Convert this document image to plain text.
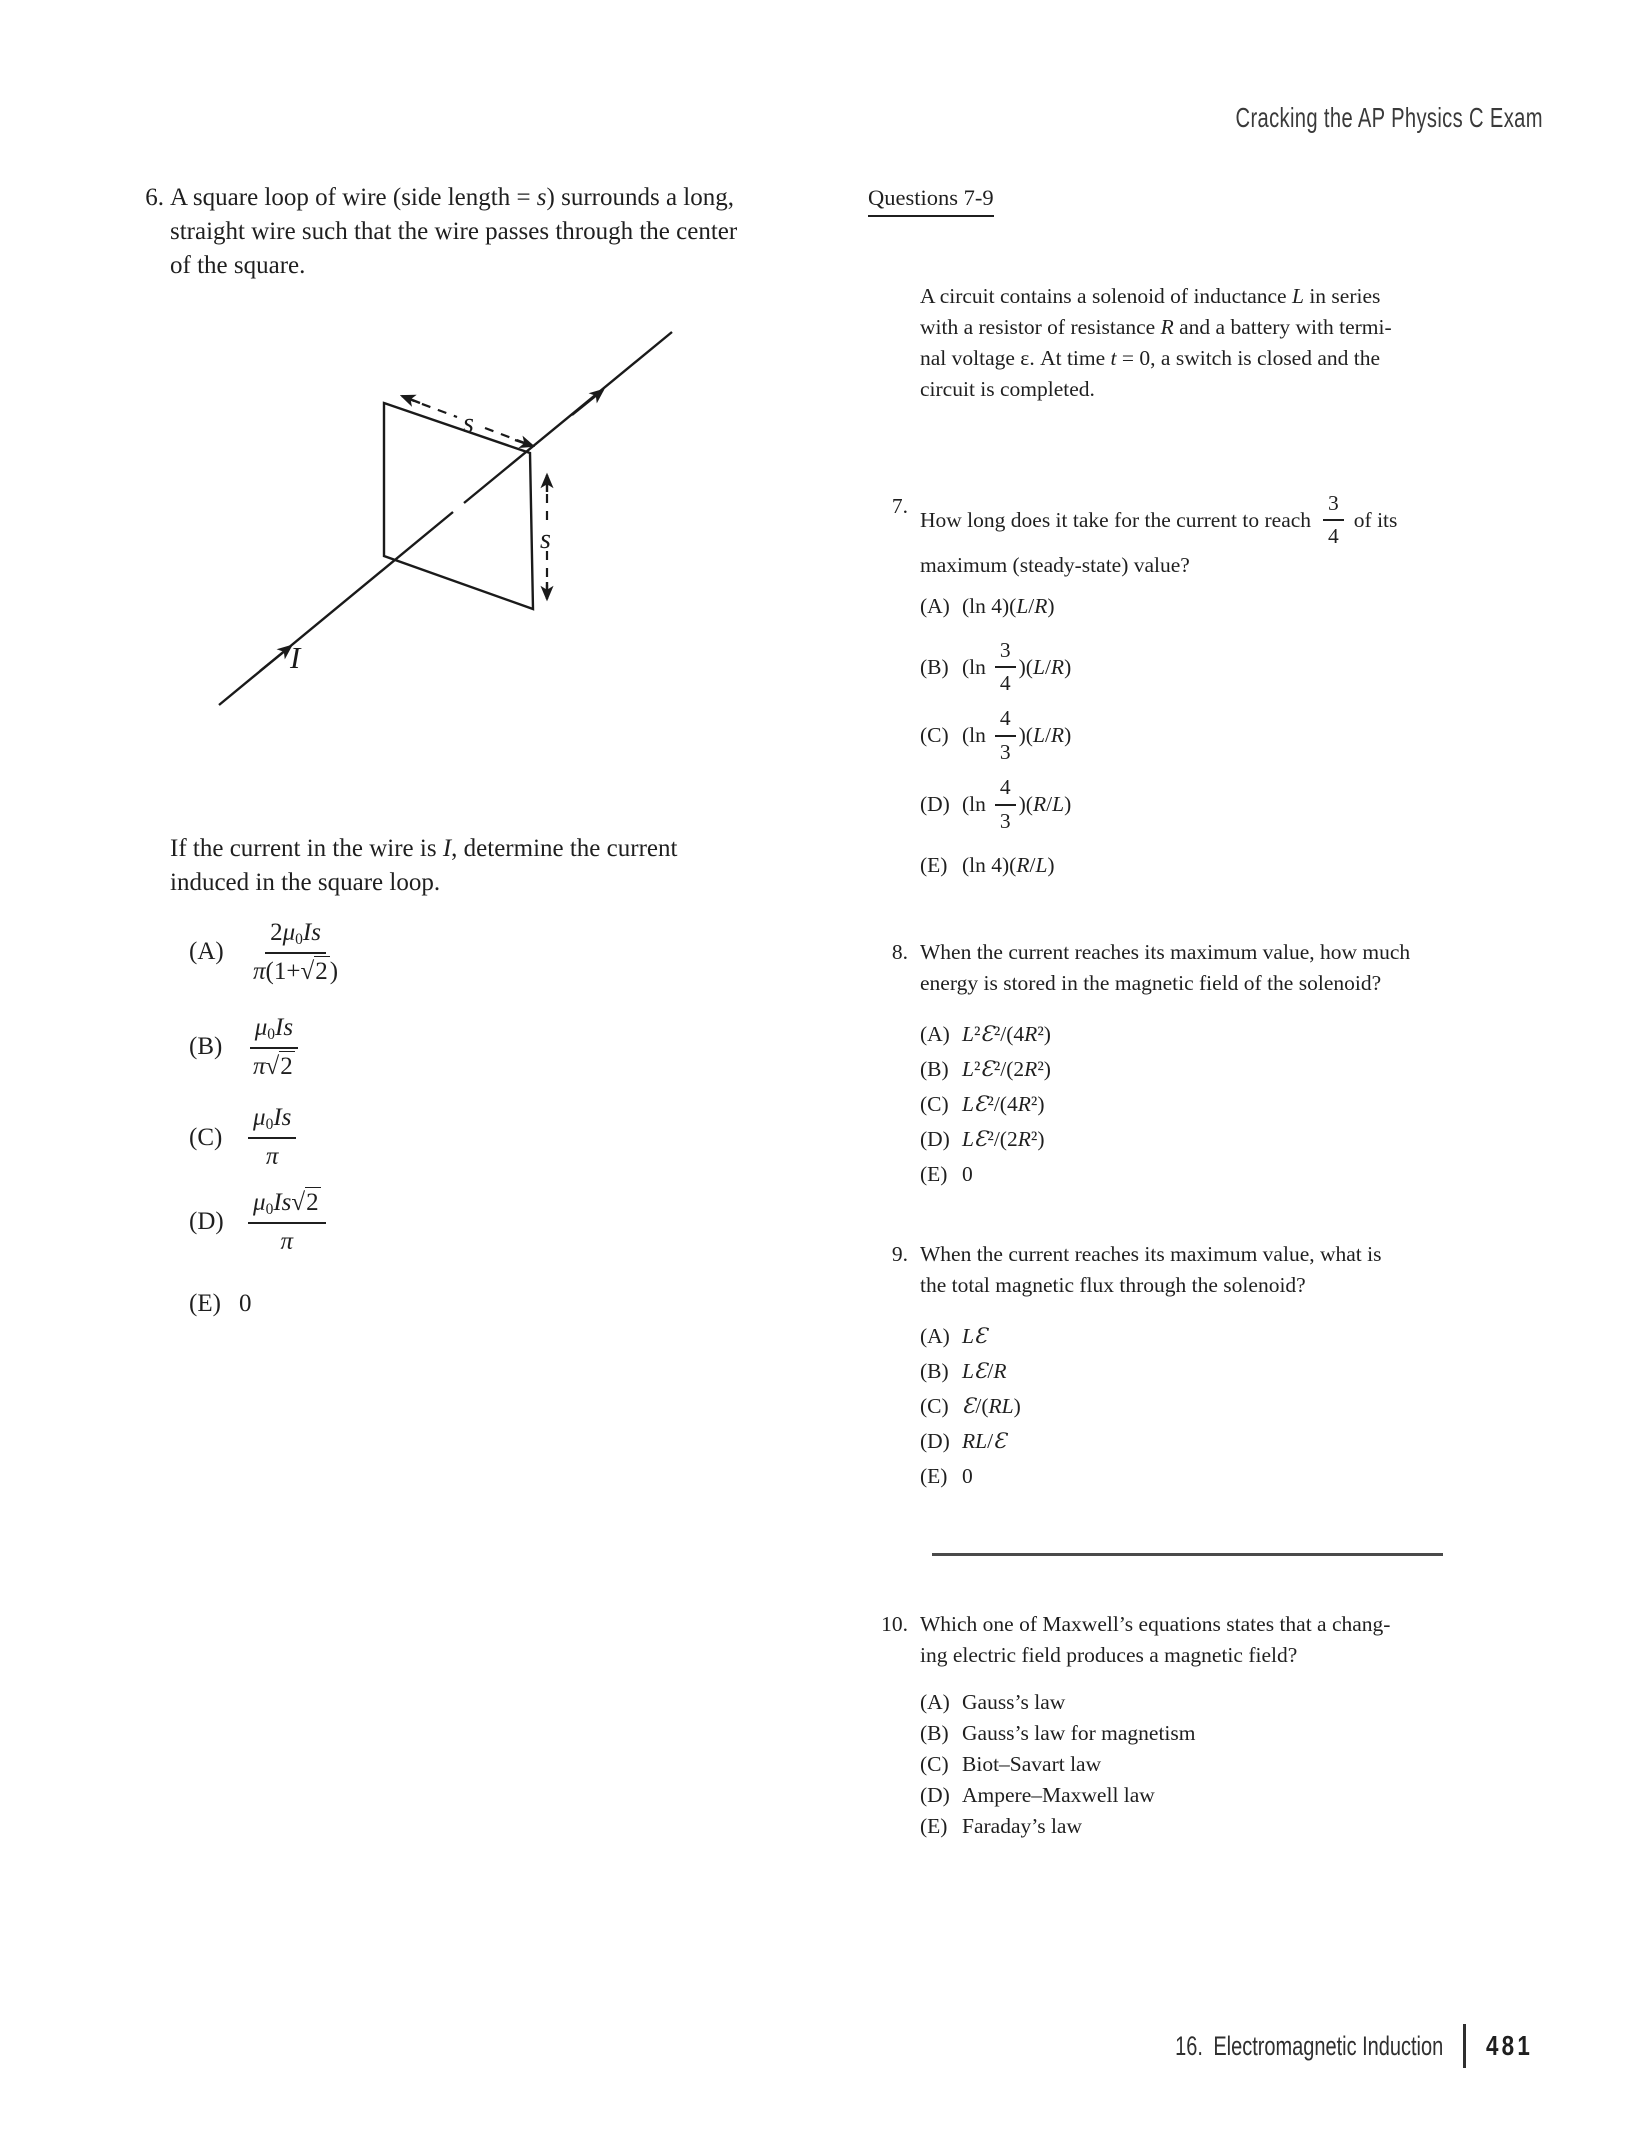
Cracking the AP Physics C Exam
6. A square loop of wire (side length = s) surrounds a long,
straight wire such that the wire passes through the center
of the square.
s
s
I
If the current in the wire is I, determine the current
induced in the square loop.
$(A) \frac{2\mu_0Is}{\pi(1+√2)}$
(B)	$\frac{\mu_0Is}{\pi√2}$
(C)	$\frac{\mu_0Is}{\pi}$
$(D) \frac{\mu_0Is√2}{\pi}$
(E) 0
Questions 7-9
A circuit contains a solenoid of inductance L in series
with a resistor of resistance R and a battery with termi-
nal voltage ε. At time t = 0, a switch is closed and the
circuit is completed.
7.
How long does it take for the current to reach $\frac{3}{4}$ of its
maximum (steady-state) value?
(A) (ln 4)(L/R)
(B) $(\ln \frac{3}{4} )(L/R)$
(C) $(\ln \frac{4}{3} )(L/R)$
(D) $(\ln \frac{4}{3} )(R/L)$
(E) (ln 4)(R/L)
8. When the current reaches its maximum value, how much
energy is stored in the magnetic field of the solenoid?
(A) L²Ɛ²/(4R²)
(B) L²Ɛ²/(2R²)
(C) LƐ²/(4R²)
(D) LƐ²/(2R²)
(E) 0
9. When the current reaches its maximum value, what is
the total magnetic flux through the solenoid?
(A) LƐ
(B) LƐ/R
(C) Ɛ/(RL)
(D) RL/Ɛ
(E) 0
10. Which one of Maxwell’s equations states that a chang-
ing electric field produces a magnetic field?
(A) Gauss’s law
(B) Gauss’s law for magnetism
(C) Biot–Savart law
(D) Ampere–Maxwell law
(E) Faraday’s law
16. Electromagnetic Induction 481
